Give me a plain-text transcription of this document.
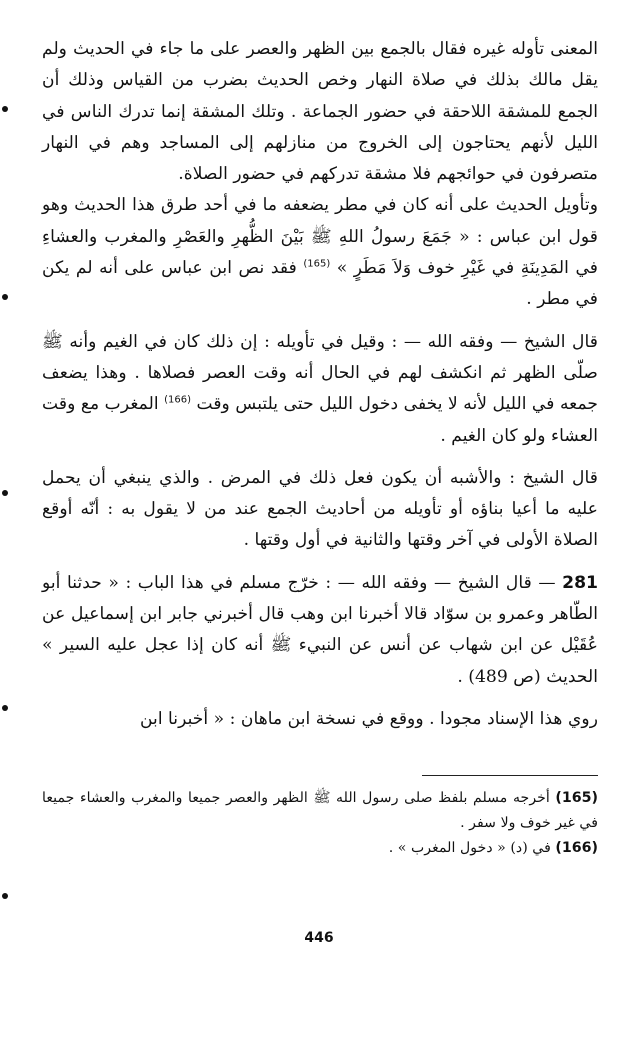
المعنى تأوله غيره فقال بالجمع بين الظهر والعصر على ما جاء في الحديث ولم يقل مالك بذلك في صلاة النهار وخص الحديث بضرب من القياس وذلك أن الجمع للمشقة اللاحقة في حضور الجماعة . وتلك المشقة إنما تدرك الناس في الليل لأنهم يحتاجون إلى الخروج من منازلهم إلى المساجد وهم في النهار متصرفون في حوائجهم فلا مشقة تدركهم في حضور الصلاة.

وتأويل الحديث على أنه كان في مطر يضعفه ما في أحد طرق هذا الحديث وهو قول ابن عباس : « جَمَعَ رسولُ اللهِ ﷺ بَيْنَ الظُّهرِ والعَصْرِ والمغرب والعشاءِ في المَدِينَةِ في غَيْرِ خوف وَلاَ مَطَرٍ » $^{(165)}$ فقد نص ابن عباس على أنه لم يكن في مطر .

قال الشيخ — وفقه الله — : وقيل في تأويله : إن ذلك كان في الغيم وأنه ﷺ صلّى الظهر ثم انكشف لهم في الحال أنه وقت العصر فصلاها . وهذا يضعف جمعه في الليل لأنه لا يخفى دخول الليل حتى يلتبس وقت $^{(166)}$ المغرب مع وقت العشاء ولو كان الغيم .

قال الشيخ : والأشبه أن يكون فعل ذلك في المرض . والذي ينبغي أن يحمل عليه ما أعيا بناؤه أو تأويله من أحاديث الجمع عند من لا يقول به : أنّه أوقع الصلاة الأولى في آخر وقتها والثانية في أول وقتها .

281 — قال الشيخ — وفقه الله — : خرّج مسلم في هذا الباب : « حدثنا أبو الطّاهر وعمرو بن سوّاد قالا أخبرنا ابن وهب قال أخبرني جابر ابن إسماعيل عن عُقَيْل عن ابن شهاب عن أنس عن النبيء ﷺ أنه كان إذا عجل عليه السير » الحديث (ص 489) .

روي هذا الإسناد مجودا . ووقع في نسخة ابن ماهان : « أخبرنا ابن

(165) أخرجه مسلم بلفظ صلى رسول الله ﷺ الظهر والعصر جميعا والمغرب والعشاء جميعا في غير خوف ولا سفر .

(166) في (د) « دخول المغرب » .

446
